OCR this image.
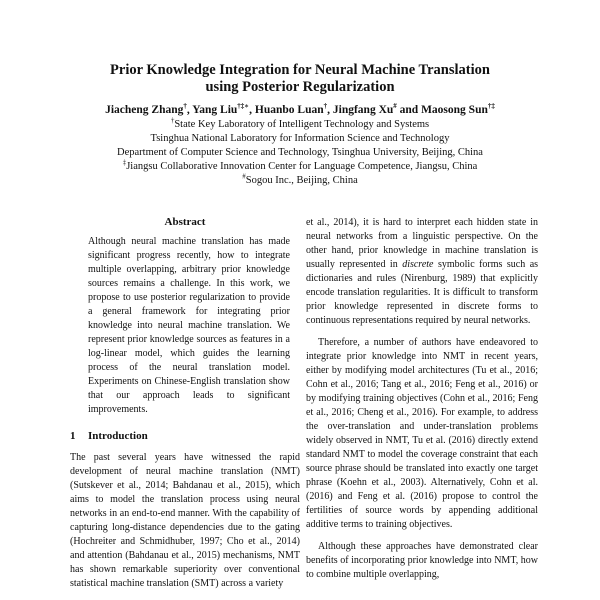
Prior Knowledge Integration for Neural Machine Translation
using Posterior Regularization
Jiacheng Zhang†, Yang Liu†‡∗, Huanbo Luan†, Jingfang Xu# and Maosong Sun†‡
†State Key Laboratory of Intelligent Technology and Systems
Tsinghua National Laboratory for Information Science and Technology
Department of Computer Science and Technology, Tsinghua University, Beijing, China
‡Jiangsu Collaborative Innovation Center for Language Competence, Jiangsu, China
#Sogou Inc., Beijing, China
Abstract

Although neural machine translation has made significant progress recently, how to integrate multiple overlapping, arbitrary prior knowledge sources remains a challenge. In this work, we propose to use posterior regularization to provide a general framework for integrating prior knowledge into neural machine translation. We represent prior knowledge sources as features in a log-linear model, which guides the learning process of the neural translation model. Experiments on Chinese-English translation show that our approach leads to significant improvements.

1 Introduction

The past several years have witnessed the rapid development of neural machine translation (NMT) (Sutskever et al., 2014; Bahdanau et al., 2015), which aims to model the translation process using neural networks in an end-to-end manner. With the capability of capturing long-distance dependencies due to the gating (Hochreiter and Schmidhuber, 1997; Cho et al., 2014) and attention (Bahdanau et al., 2015) mechanisms, NMT has shown remarkable superiority over conventional statistical machine translation (SMT) across a variety

et al., 2014), it is hard to interpret each hidden state in neural networks from a linguistic perspective. On the other hand, prior knowledge in machine translation is usually represented in discrete symbolic forms such as dictionaries and rules (Nirenburg, 1989) that explicitly encode translation regularities. It is difficult to transform prior knowledge represented in discrete forms to continuous representations required by neural networks.

Therefore, a number of authors have endeavored to integrate prior knowledge into NMT in recent years, either by modifying model architectures (Tu et al., 2016; Cohn et al., 2016; Tang et al., 2016; Feng et al., 2016) or by modifying training objectives (Cohn et al., 2016; Feng et al., 2016; Cheng et al., 2016). For example, to address the over-translation and under-translation problems widely observed in NMT, Tu et al. (2016) directly extend standard NMT to model the coverage constraint that each source phrase should be translated into exactly one target phrase (Koehn et al., 2003). Alternatively, Cohn et al. (2016) and Feng et al. (2016) propose to control the fertilities of source words by appending additional additive terms to training objectives.

Although these approaches have demonstrated clear benefits of incorporating prior knowledge into NMT, how to combine multiple overlapping,
